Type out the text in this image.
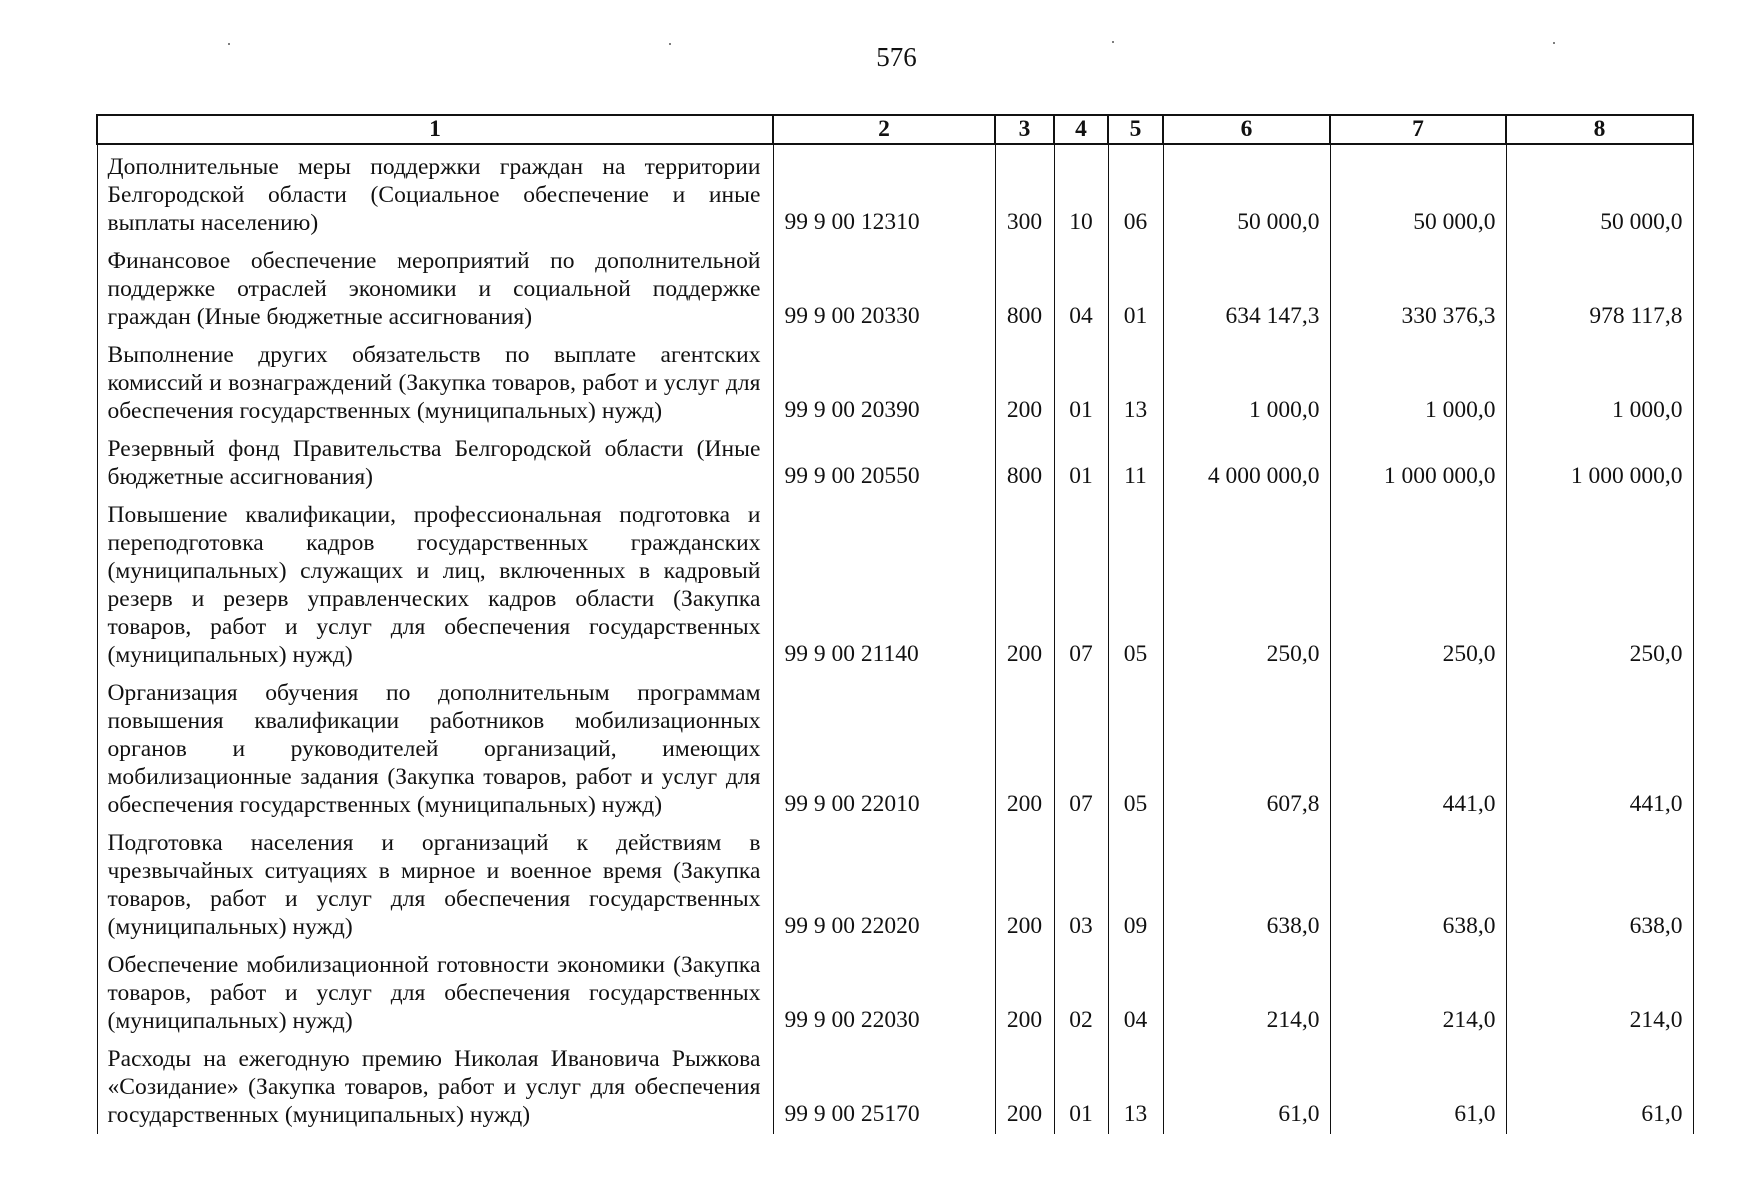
576
1	2	3	4	5	6	7	8
Дополнительные меры поддержки граждан на территории Белгородской области (Социальное обеспечение и иные выплаты населению)	99 9 00 12310	300	10	06	50 000,0	50 000,0	50 000,0
Финансовое обеспечение мероприятий по дополнительной поддержке отраслей экономики и социальной поддержке граждан (Иные бюджетные ассигнования)	99 9 00 20330	800	04	01	634 147,3	330 376,3	978 117,8
Выполнение других обязательств по выплате агентских комиссий и вознаграждений (Закупка товаров, работ и услуг для обеспечения государственных (муниципальных) нужд)	99 9 00 20390	200	01	13	1 000,0	1 000,0	1 000,0
Резервный фонд Правительства Белгородской области (Иные бюджетные ассигнования)	99 9 00 20550	800	01	11	4 000 000,0	1 000 000,0	1 000 000,0
Повышение квалификации, профессиональная подготовка и переподготовка кадров государственных гражданских (муниципальных) служащих и лиц, включенных в кадровый резерв и резерв управленческих кадров области (Закупка товаров, работ и услуг для обеспечения государственных (муниципальных) нужд)	99 9 00 21140	200	07	05	250,0	250,0	250,0
Организация обучения по дополнительным программам повышения квалификации работников мобилизационных органов и руководителей организаций, имеющих мобилизационные задания (Закупка товаров, работ и услуг для обеспечения государственных (муниципальных) нужд)	99 9 00 22010	200	07	05	607,8	441,0	441,0
Подготовка населения и организаций к действиям в чрезвычайных ситуациях в мирное и военное время (Закупка товаров, работ и услуг для обеспечения государственных (муниципальных) нужд)	99 9 00 22020	200	03	09	638,0	638,0	638,0
Обеспечение мобилизационной готовности экономики (Закупка товаров, работ и услуг для обеспечения государственных (муниципальных) нужд)	99 9 00 22030	200	02	04	214,0	214,0	214,0
Расходы на ежегодную премию Николая Ивановича Рыжкова «Созидание» (Закупка товаров, работ и услуг для обеспечения государственных (муниципальных) нужд)	99 9 00 25170	200	01	13	61,0	61,0	61,0
